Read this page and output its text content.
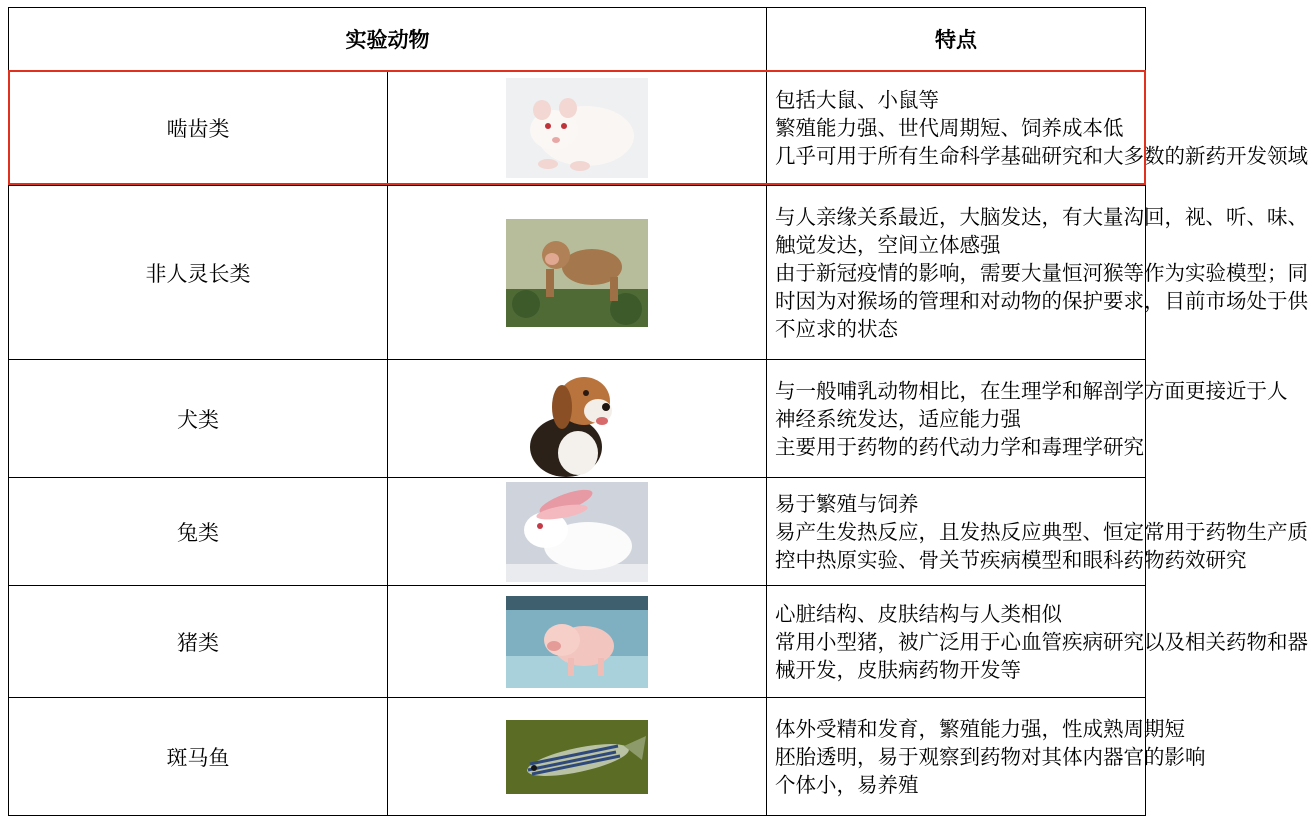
实验动物		特点
啮齿类		包括大鼠、小鼠等
繁殖能力强、世代周期短、饲养成本低
几乎可用于所有生命科学基础研究和大多数的新药开发领域

非人灵长类		与人亲缘关系最近，大脑发达，有大量沟回，视、听、味、
触觉发达，空间立体感强
由于新冠疫情的影响，需要大量恒河猴等作为实验模型；同
时因为对猴场的管理和对动物的保护要求，目前市场处于供
不应求的状态

犬类		与一般哺乳动物相比，在生理学和解剖学方面更接近于人
神经系统发达，适应能力强
主要用于药物的药代动力学和毒理学研究

兔类		易于繁殖与饲养
易产生发热反应，且发热反应典型、恒定常用于药物生产质
控中热原实验、骨关节疾病模型和眼科药物药效研究

猪类		心脏结构、皮肤结构与人类相似
常用小型猪，被广泛用于心血管疾病研究以及相关药物和器
械开发，皮肤病药物开发等

斑马鱼		体外受精和发育，繁殖能力强，性成熟周期短
胚胎透明，易于观察到药物对其体内器官的影响
个体小，易养殖
